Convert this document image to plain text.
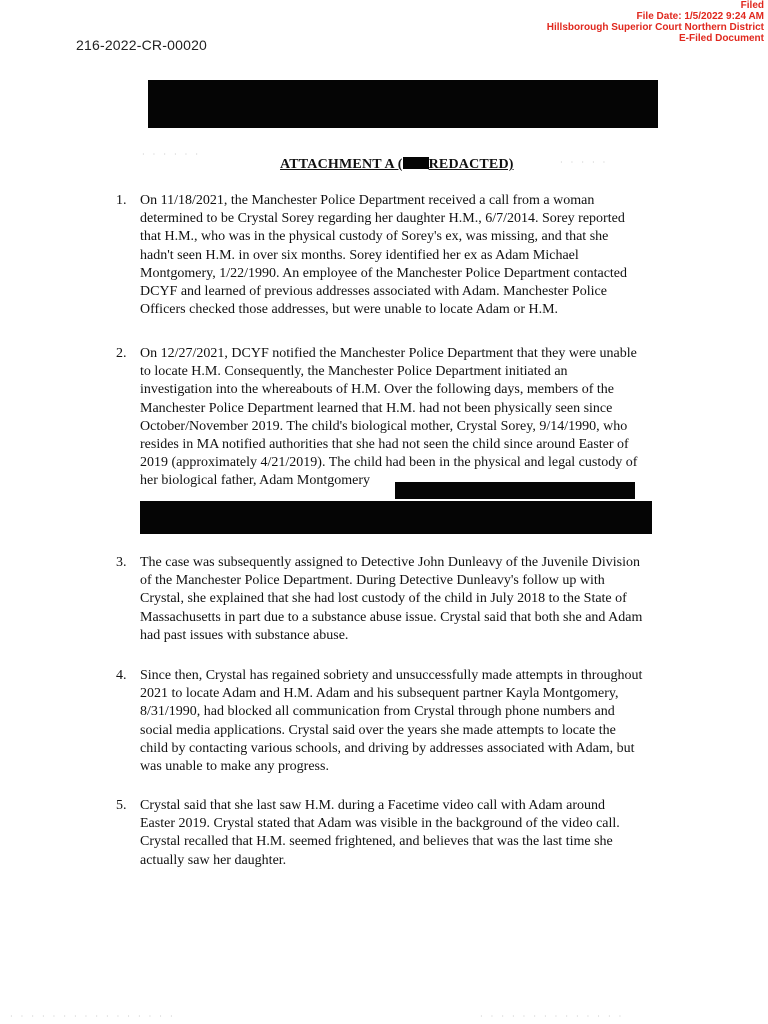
Filed
File Date: 1/5/2022 9:24 AM
Hillsborough Superior Court Northern District
E-Filed Document
216-2022-CR-00020
ATTACHMENT A ( REDACTED)
1. On 11/18/2021, the Manchester Police Department received a call from a woman
determined to be Crystal Sorey regarding her daughter H.M., 6/7/2014. Sorey reported
that H.M., who was in the physical custody of Sorey's ex, was missing, and that she
hadn't seen H.M. in over six months. Sorey identified her ex as Adam Michael
Montgomery, 1/22/1990. An employee of the Manchester Police Department contacted
DCYF and learned of previous addresses associated with Adam. Manchester Police
Officers checked those addresses, but were unable to locate Adam or H.M.
2. On 12/27/2021, DCYF notified the Manchester Police Department that they were unable
to locate H.M. Consequently, the Manchester Police Department initiated an
investigation into the whereabouts of H.M. Over the following days, members of the
Manchester Police Department learned that H.M. had not been physically seen since
October/November 2019. The child's biological mother, Crystal Sorey, 9/14/1990, who
resides in MA notified authorities that she had not seen the child since around Easter of
2019 (approximately 4/21/2019). The child had been in the physical and legal custody of
her biological father, Adam Montgomery
3. The case was subsequently assigned to Detective John Dunleavy of the Juvenile Division
of the Manchester Police Department. During Detective Dunleavy's follow up with
Crystal, she explained that she had lost custody of the child in July 2018 to the State of
Massachusetts in part due to a substance abuse issue. Crystal said that both she and Adam
had past issues with substance abuse.
4. Since then, Crystal has regained sobriety and unsuccessfully made attempts in throughout
2021 to locate Adam and H.M. Adam and his subsequent partner Kayla Montgomery,
8/31/1990, had blocked all communication from Crystal through phone numbers and
social media applications. Crystal said over the years she made attempts to locate the
child by contacting various schools, and driving by addresses associated with Adam, but
was unable to make any progress.
5. Crystal said that she last saw H.M. during a Facetime video call with Adam around
Easter 2019. Crystal stated that Adam was visible in the background of the video call.
Crystal recalled that H.M. seemed frightened, and believes that was the last time she
actually saw her daughter.
· · · · · ·
· · · · ·
· · · · · · · · · · · · · · · ·	· · · · · · · · · · · · · ·
